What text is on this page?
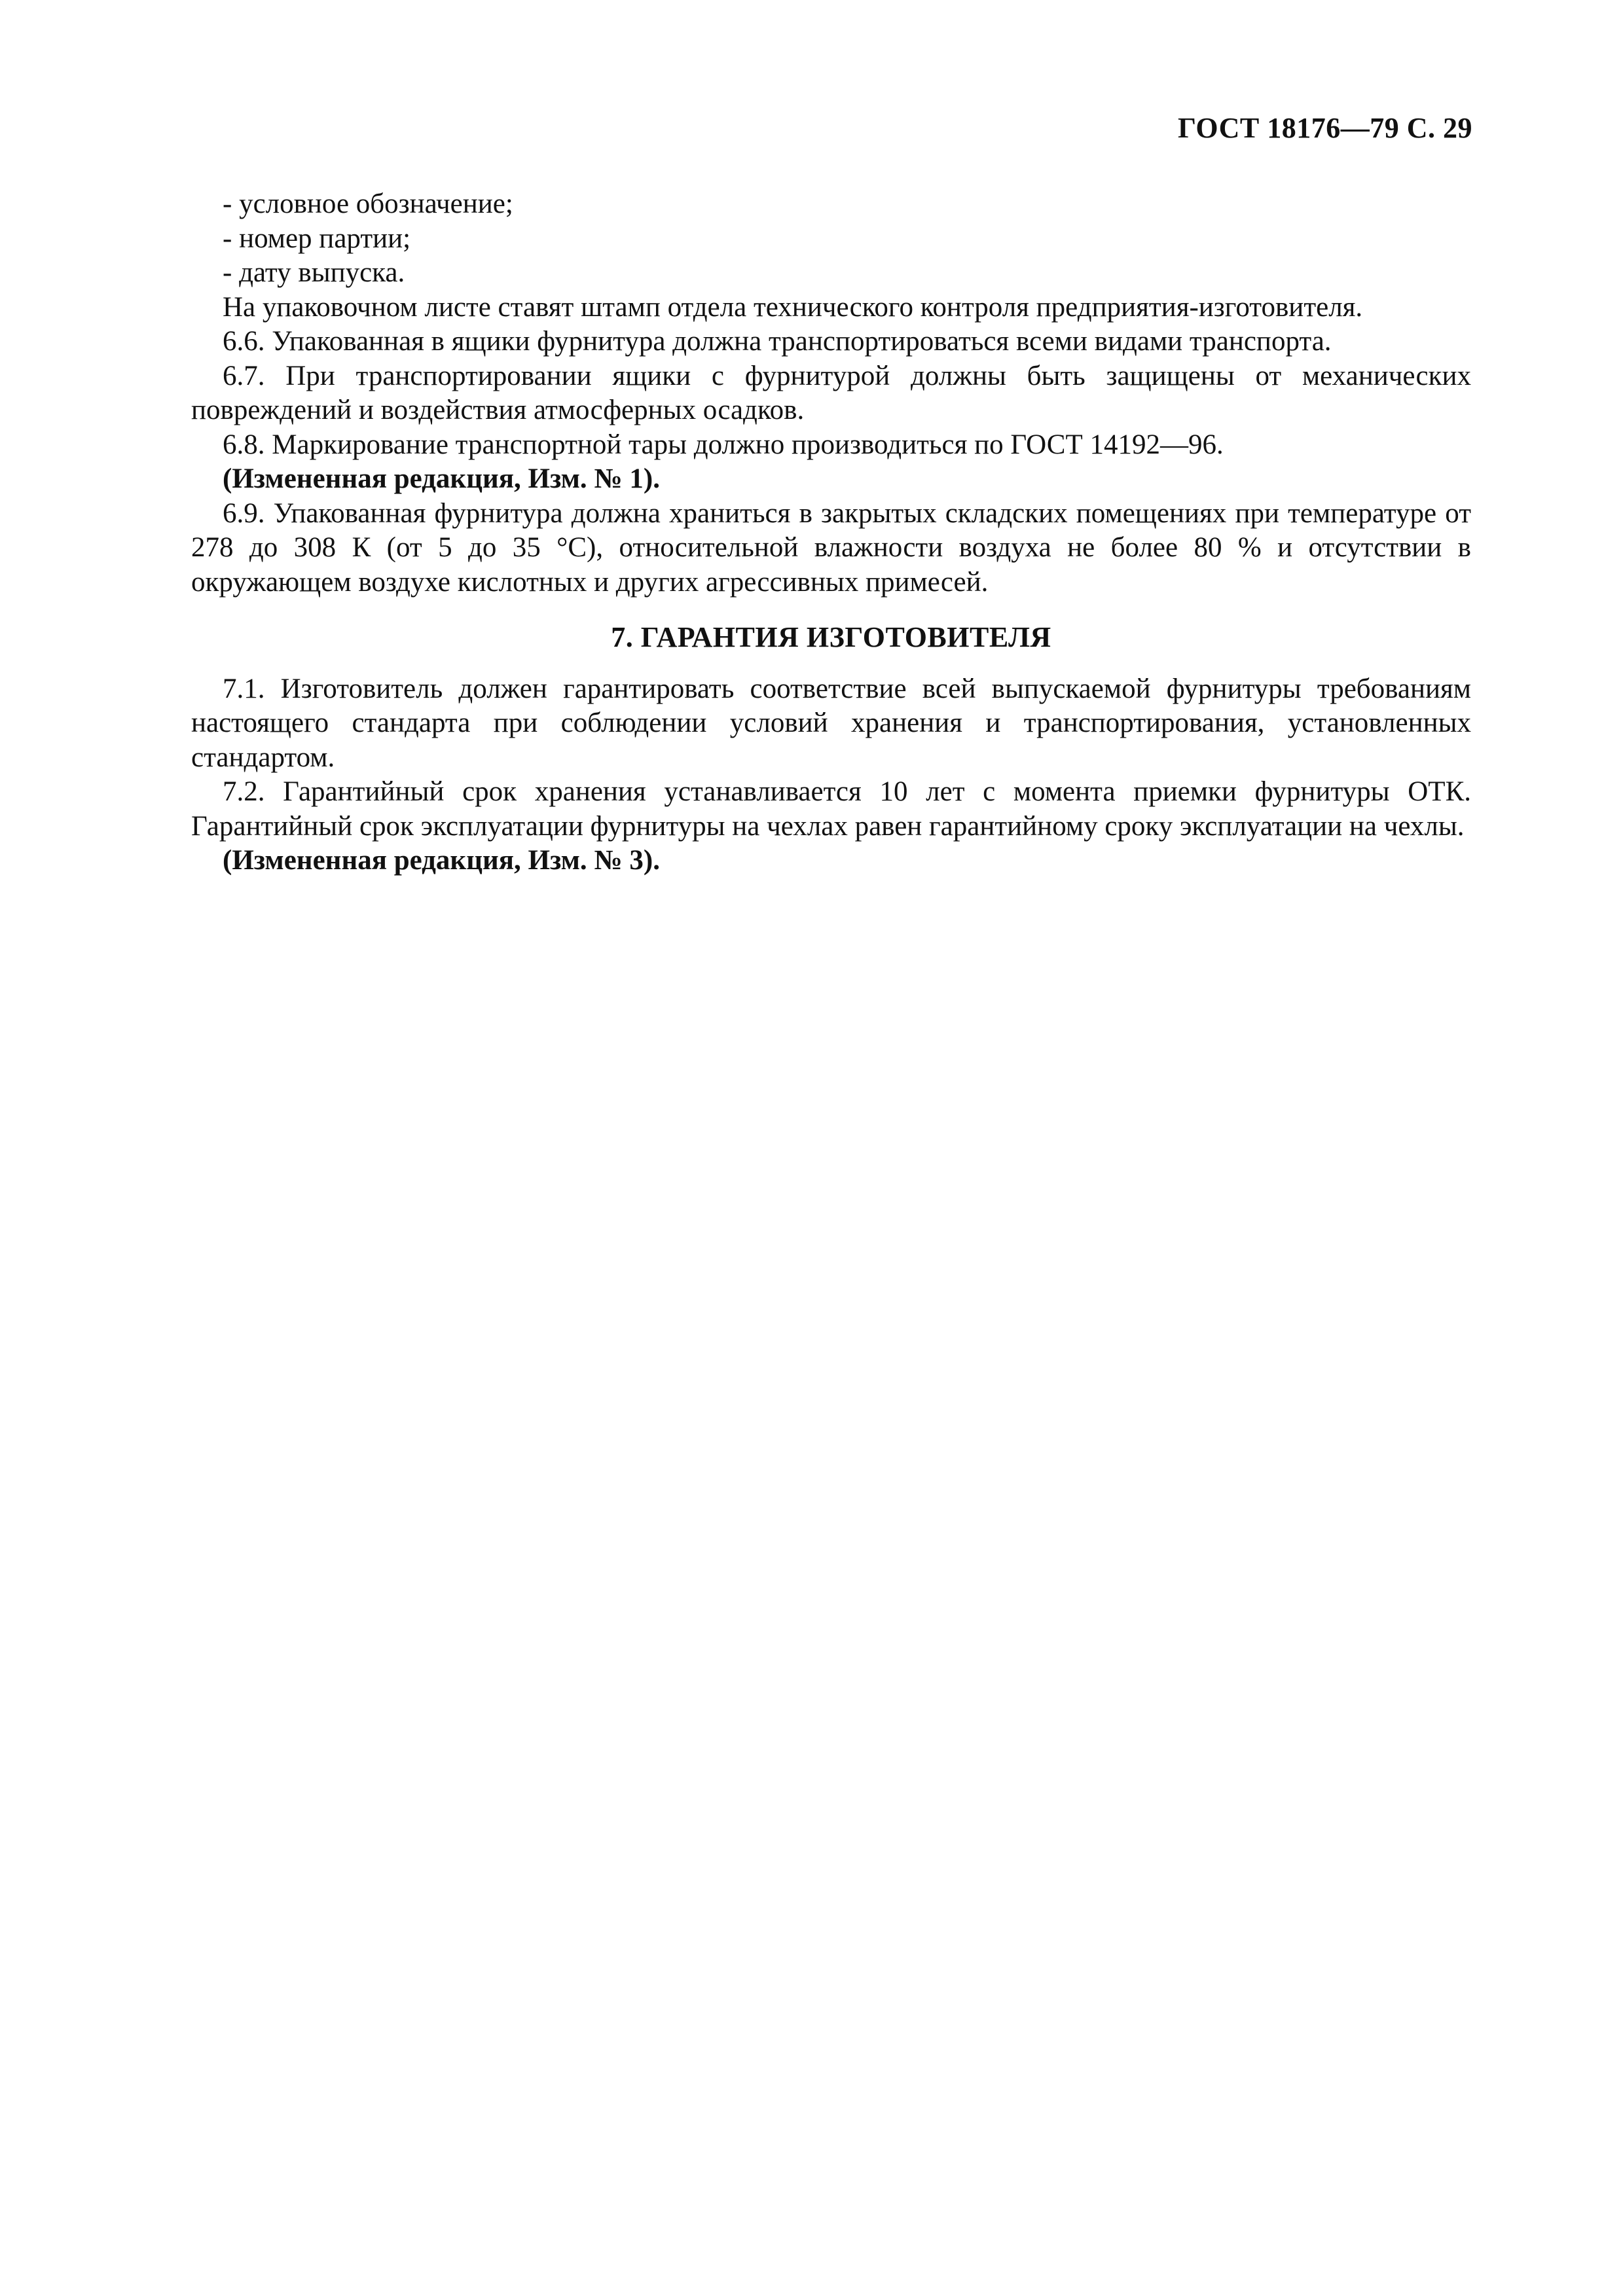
ГОСТ 18176—79 С. 29

- условное обозначение;

- номер партии;

- дату выпуска.

На упаковочном листе ставят штамп отдела технического контроля предприятия-изготовителя.

6.6. Упакованная в ящики фурнитура должна транспортироваться всеми видами транспорта.

6.7. При транспортировании ящики с фурнитурой должны быть защищены от механических повреждений и воздействия атмосферных осадков.

6.8. Маркирование транспортной тары должно производиться по ГОСТ 14192—96.

(Измененная редакция, Изм. № 1).

6.9. Упакованная фурнитура должна храниться в закрытых складских помещениях при температуре от 278 до 308 К (от 5 до 35 °С), относительной влажности воздуха не более 80 % и отсутствии в окружающем воздухе кислотных и других агрессивных примесей.

7. ГАРАНТИЯ ИЗГОТОВИТЕЛЯ

7.1. Изготовитель должен гарантировать соответствие всей выпускаемой фурнитуры требованиям настоящего стандарта при соблюдении условий хранения и транспортирования, установленных стандартом.

7.2. Гарантийный срок хранения устанавливается 10 лет с момента приемки фурнитуры ОТК. Гарантийный срок эксплуатации фурнитуры на чехлах равен гарантийному сроку эксплуатации на чехлы.

(Измененная редакция, Изм. № 3).
